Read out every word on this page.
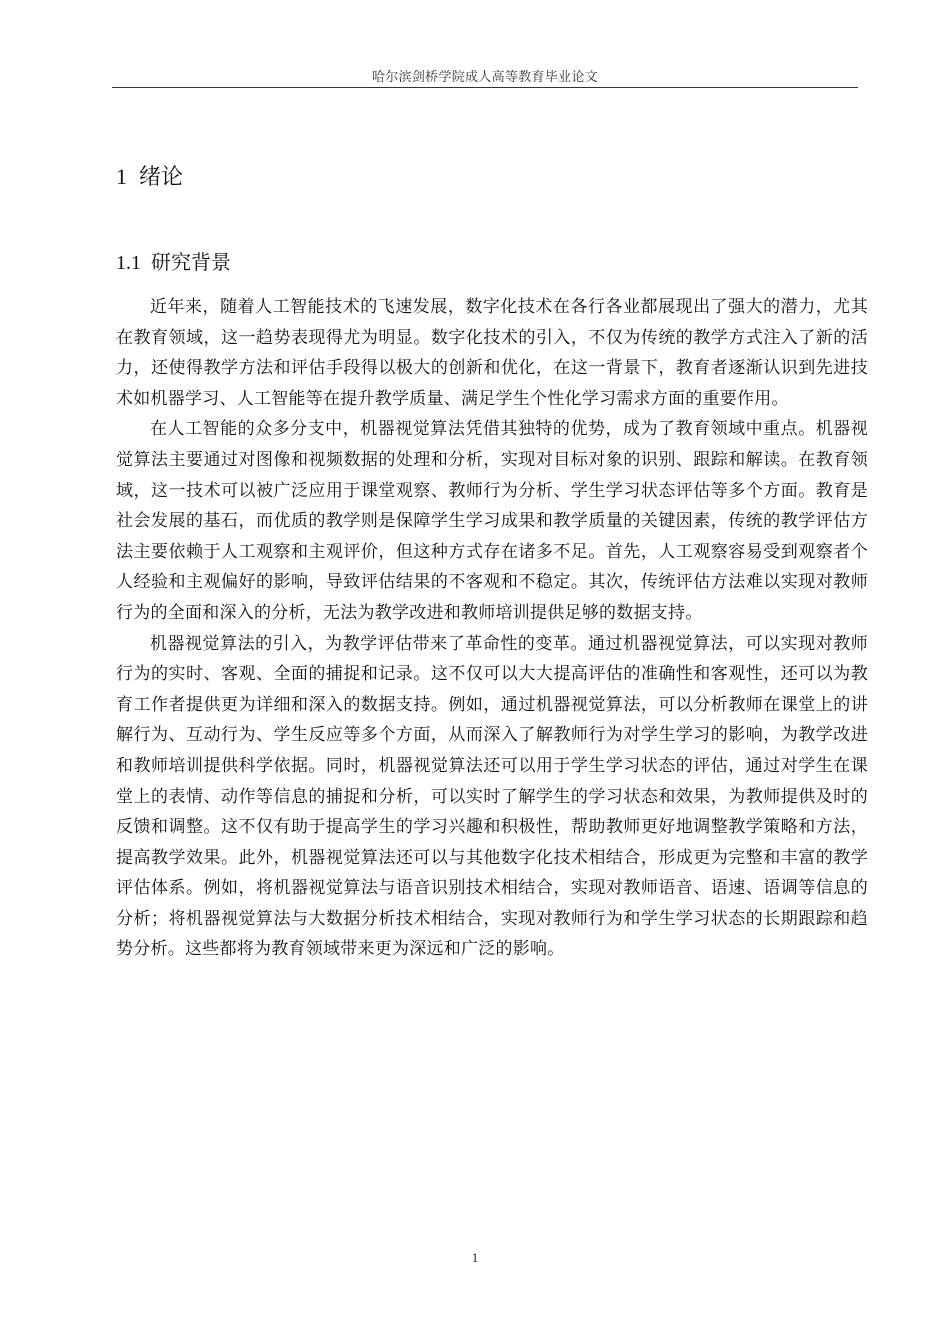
哈尔滨剑桥学院成人高等教育毕业论文
1 绪论
1.1 研究背景

近年来，随着人工智能技术的飞速发展，数字化技术在各行各业都展现出了强大的潜力，尤其在教育领域，这一趋势表现得尤为明显。数字化技术的引入，不仅为传统的教学方式注入了新的活力，还使得教学方法和评估手段得以极大的创新和优化，在这一背景下，教育者逐渐认识到先进技术如机器学习、人工智能等在提升教学质量、满足学生个性化学习需求方面的重要作用。

在人工智能的众多分支中，机器视觉算法凭借其独特的优势，成为了教育领域中重点。机器视觉算法主要通过对图像和视频数据的处理和分析，实现对目标对象的识别、跟踪和解读。在教育领域，这一技术可以被广泛应用于课堂观察、教师行为分析、学生学习状态评估等多个方面。教育是社会发展的基石，而优质的教学则是保障学生学习成果和教学质量的关键因素，传统的教学评估方法主要依赖于人工观察和主观评价，但这种方式存在诸多不足。首先，人工观察容易受到观察者个人经验和主观偏好的影响，导致评估结果的不客观和不稳定。其次，传统评估方法难以实现对教师行为的全面和深入的分析，无法为教学改进和教师培训提供足够的数据支持。

机器视觉算法的引入，为教学评估带来了革命性的变革。通过机器视觉算法，可以实现对教师行为的实时、客观、全面的捕捉和记录。这不仅可以大大提高评估的准确性和客观性，还可以为教育工作者提供更为详细和深入的数据支持。例如，通过机器视觉算法，可以分析教师在课堂上的讲解行为、互动行为、学生反应等多个方面，从而深入了解教师行为对学生学习的影响，为教学改进和教师培训提供科学依据。同时，机器视觉算法还可以用于学生学习状态的评估，通过对学生在课堂上的表情、动作等信息的捕捉和分析，可以实时了解学生的学习状态和效果，为教师提供及时的反馈和调整。这不仅有助于提高学生的学习兴趣和积极性，帮助教师更好地调整教学策略和方法，提高教学效果。此外，机器视觉算法还可以与其他数字化技术相结合，形成更为完整和丰富的教学评估体系。例如，将机器视觉算法与语音识别技术相结合，实现对教师语音、语速、语调等信息的分析；将机器视觉算法与大数据分析技术相结合，实现对教师行为和学生学习状态的长期跟踪和趋势分析。这些都将为教育领域带来更为深远和广泛的影响。

1
